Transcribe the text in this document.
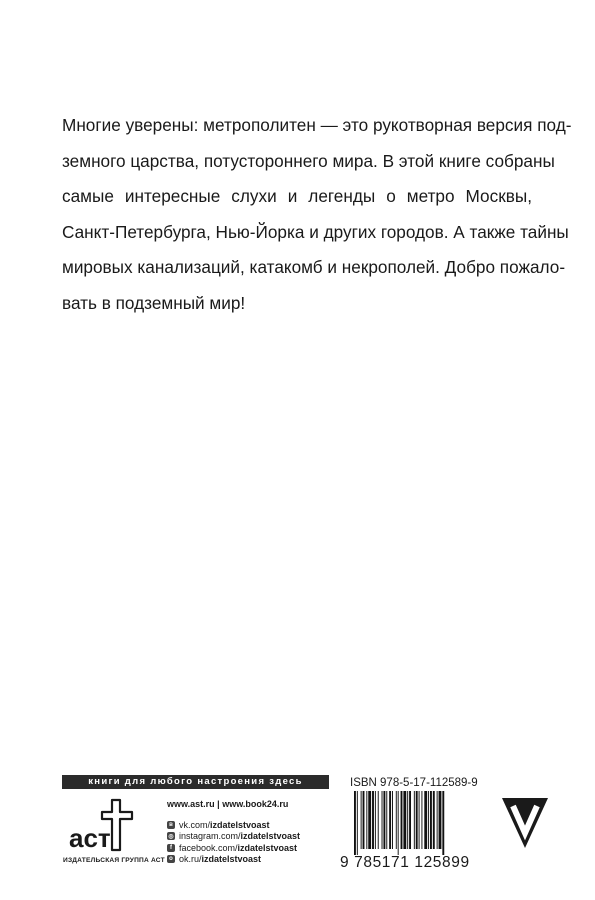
Многие уверены: метрополитен — это рукотворная версия под-
земного царства, потустороннего мира. В этой книге собраны
самые интересные слухи и легенды о метро Москвы,
Санкт-Петербурга, Нью-Йорка и других городов. А также тайны
мировых канализаций, катакомб и некрополей. Добро пожало-
вать в подземный мир!
книги для любого настроения здесь
аст
ИЗДАТЕЛЬСКАЯ ГРУППА АСТ
www.ast.ru | www.book24.ru
в vk.com/ izdatelstvoast
◎ instagram.com/ izdatelstvoast
f facebook.com/ izdatelstvoast
о ok.ru/ izdatelstvoast
ISBN 978-5-17-112589-9
9 785171 125899
